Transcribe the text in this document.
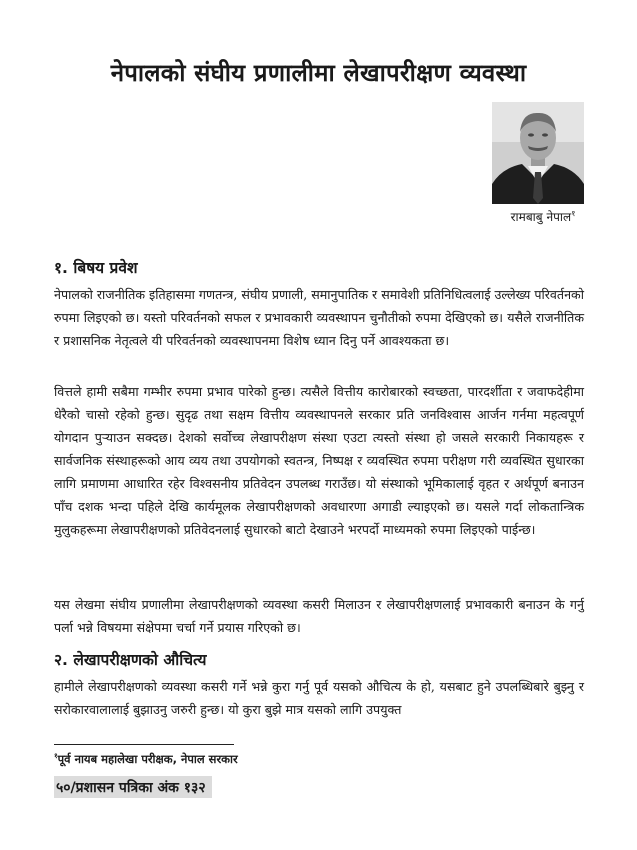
नेपालको संघीय प्रणालीमा लेखापरीक्षण व्यवस्था
रामबाबु नेपाल$^१$
१. बिषय प्रवेश

नेपालको राजनीतिक इतिहासमा गणतन्त्र, संघीय प्रणाली, समानुपातिक र समावेशी प्रतिनिधित्वलाई उल्लेख्य परिवर्तनको रुपमा लिइएको छ। यस्तो परिवर्तनको सफल र प्रभावकारी व्यवस्थापन चुनौतीको रुपमा देखिएको छ। यसैले राजनीतिक र प्रशासनिक नेतृत्वले यी परिवर्तनको व्यवस्थापनमा विशेष ध्यान दिनु पर्ने आवश्यकता छ।

वित्तले हामी सबैमा गम्भीर रुपमा प्रभाव पारेको हुन्छ। त्यसैले वित्तीय कारोबारको स्वच्छता, पारदर्शीता र जवाफदेहीमा धेरैको चासो रहेको हुन्छ। सुदृढ तथा सक्षम वित्तीय व्यवस्थापनले सरकार प्रति जनविश्वास आर्जन गर्नमा महत्वपूर्ण योगदान पुऱ्याउन सक्दछ। देशको सर्वोच्च लेखापरीक्षण संस्था एउटा त्यस्तो संस्था हो जसले सरकारी निकायहरू र सार्वजनिक संस्थाहरूको आय व्यय तथा उपयोगको स्वतन्त्र, निष्पक्ष र व्यवस्थित रुपमा परीक्षण गरी व्यवस्थित सुधारका लागि प्रमाणमा आधारित रहेर विश्वसनीय प्रतिवेदन उपलब्ध गराउँछ। यो संस्थाको भूमिकालाई वृहत र अर्थपूर्ण बनाउन पाँच दशक भन्दा पहिले देखि कार्यमूलक लेखापरीक्षणको अवधारणा अगाडी ल्याइएको छ। यसले गर्दा लोकतान्त्रिक मुलुकहरूमा लेखापरीक्षणको प्रतिवेदनलाई सुधारको बाटो देखाउने भरपर्दो माध्यमको रुपमा लिइएको पाईन्छ।

यस लेखमा संघीय प्रणालीमा लेखापरीक्षणको व्यवस्था कसरी मिलाउन र लेखापरीक्षणलाई प्रभावकारी बनाउन के गर्नु पर्ला भन्ने विषयमा संक्षेपमा चर्चा गर्ने प्रयास गरिएको छ।

२. लेखापरीक्षणको औचित्य

हामीले लेखापरीक्षणको व्यवस्था कसरी गर्ने भन्ने कुरा गर्नु पूर्व यसको औचित्य के हो, यसबाट हुने उपलब्धिबारे बुझ्नु र सरोकारवालालाई बुझाउनु जरुरी हुन्छ। यो कुरा बुझे मात्र यसको लागि उपयुक्त

$^१$पूर्व नायब महालेखा परीक्षक, नेपाल सरकार
५०/प्रशासन पत्रिका अंक १३२
